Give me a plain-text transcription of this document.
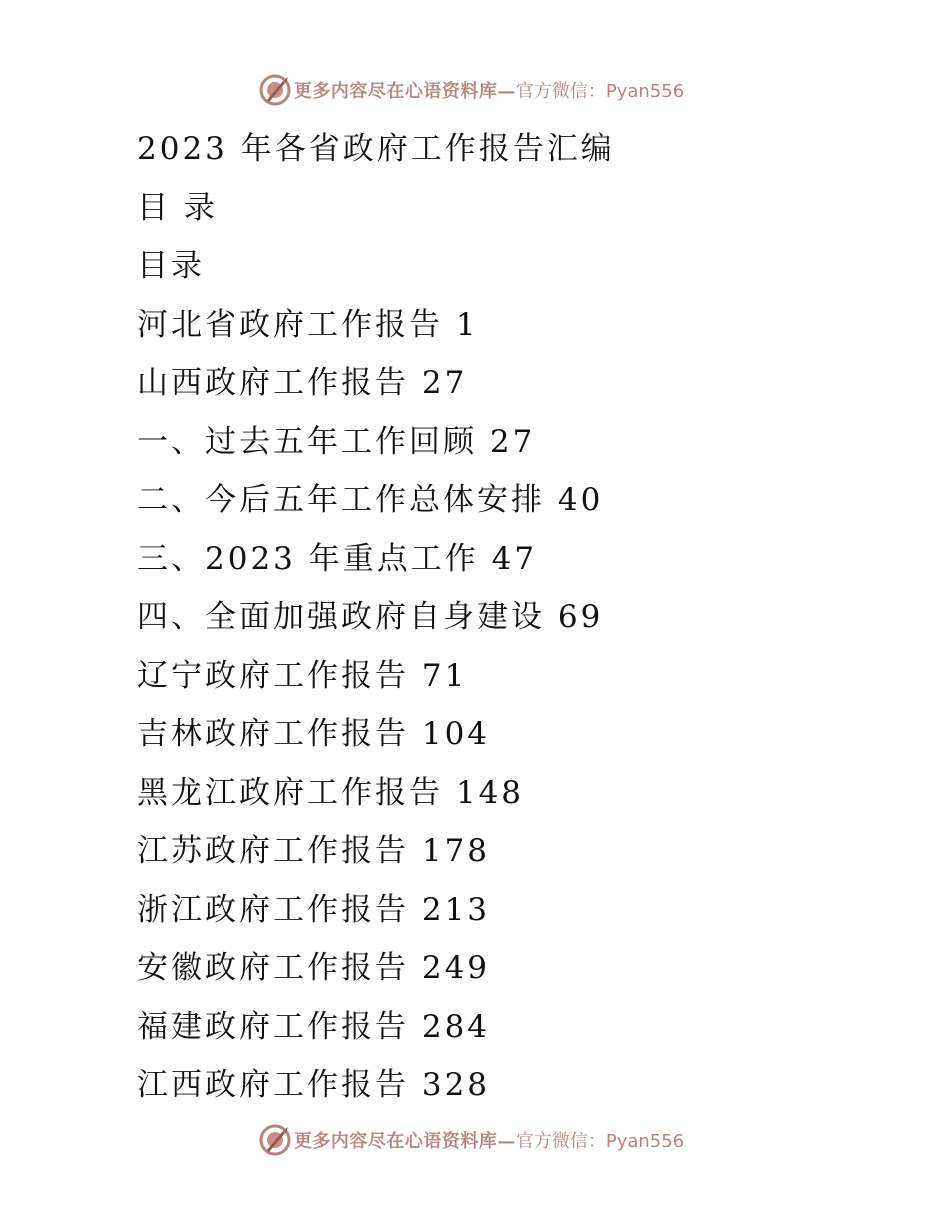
更多内容尽在心语资料库— 官方微信：Pyan556
2023 年各省政府工作报告汇编
目 录
目录
河北省政府工作报告 1
山西政府工作报告 27
一、过去五年工作回顾 27
二、今后五年工作总体安排 40
三、2023 年重点工作 47
四、全面加强政府自身建设 69
辽宁政府工作报告 71
吉林政府工作报告 104
黑龙江政府工作报告 148
江苏政府工作报告 178
浙江政府工作报告 213
安徽政府工作报告 249
福建政府工作报告 284
江西政府工作报告 328
更多内容尽在心语资料库— 官方微信：Pyan556
